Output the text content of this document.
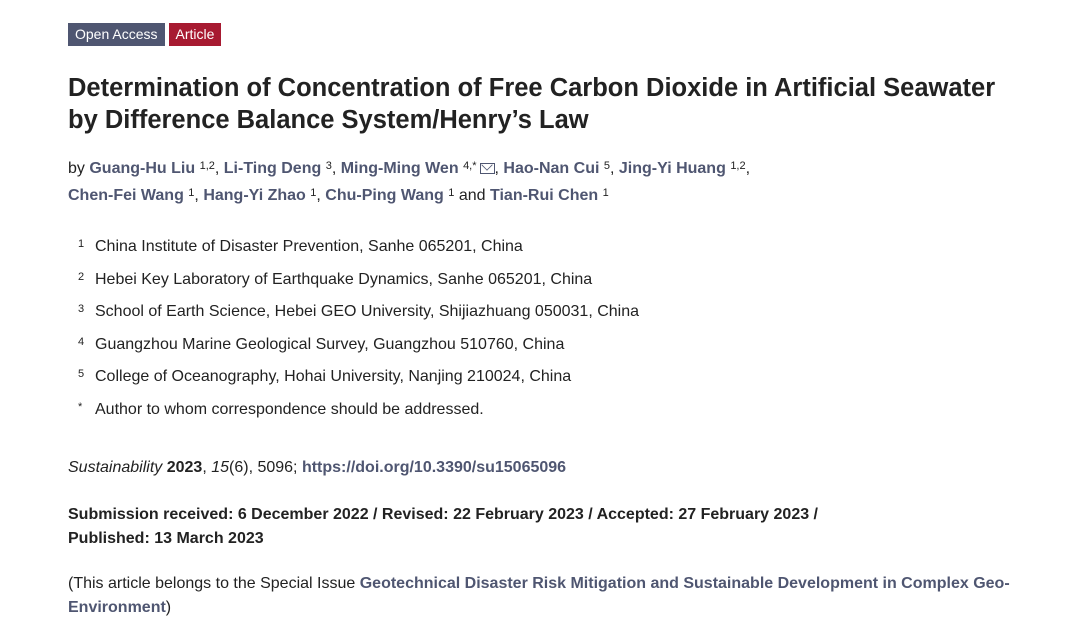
Open Access	Article
Determination of Concentration of Free Carbon Dioxide in Artificial Seawater by Difference Balance System/Henry’s Law
by Guang-Hu Liu $^{1,2}$, Li-Ting Deng $^3$, Ming-Ming Wen $^{4,*}$ , Hao-Nan Cui $^5$, Jing-Yi Huang $^{1,2}$,
Chen-Fei Wang $^1$, Hang-Yi Zhao $^1$, Chu-Ping Wang $^1$ and Tian-Rui Chen $^1$
1 China Institute of Disaster Prevention, Sanhe 065201, China
2 Hebei Key Laboratory of Earthquake Dynamics, Sanhe 065201, China
3 School of Earth Science, Hebei GEO University, Shijiazhuang 050031, China
4 Guangzhou Marine Geological Survey, Guangzhou 510760, China
5 College of Oceanography, Hohai University, Nanjing 210024, China
* Author to whom correspondence should be addressed.
Sustainability 2023, 15(6), 5096; https://doi.org/10.3390/su15065096
Submission received: 6 December 2022 / Revised: 22 February 2023 / Accepted: 27 February 2023 /
Published: 13 March 2023
(This article belongs to the Special Issue Geotechnical Disaster Risk Mitigation and Sustainable Development in Complex Geo-Environment)
